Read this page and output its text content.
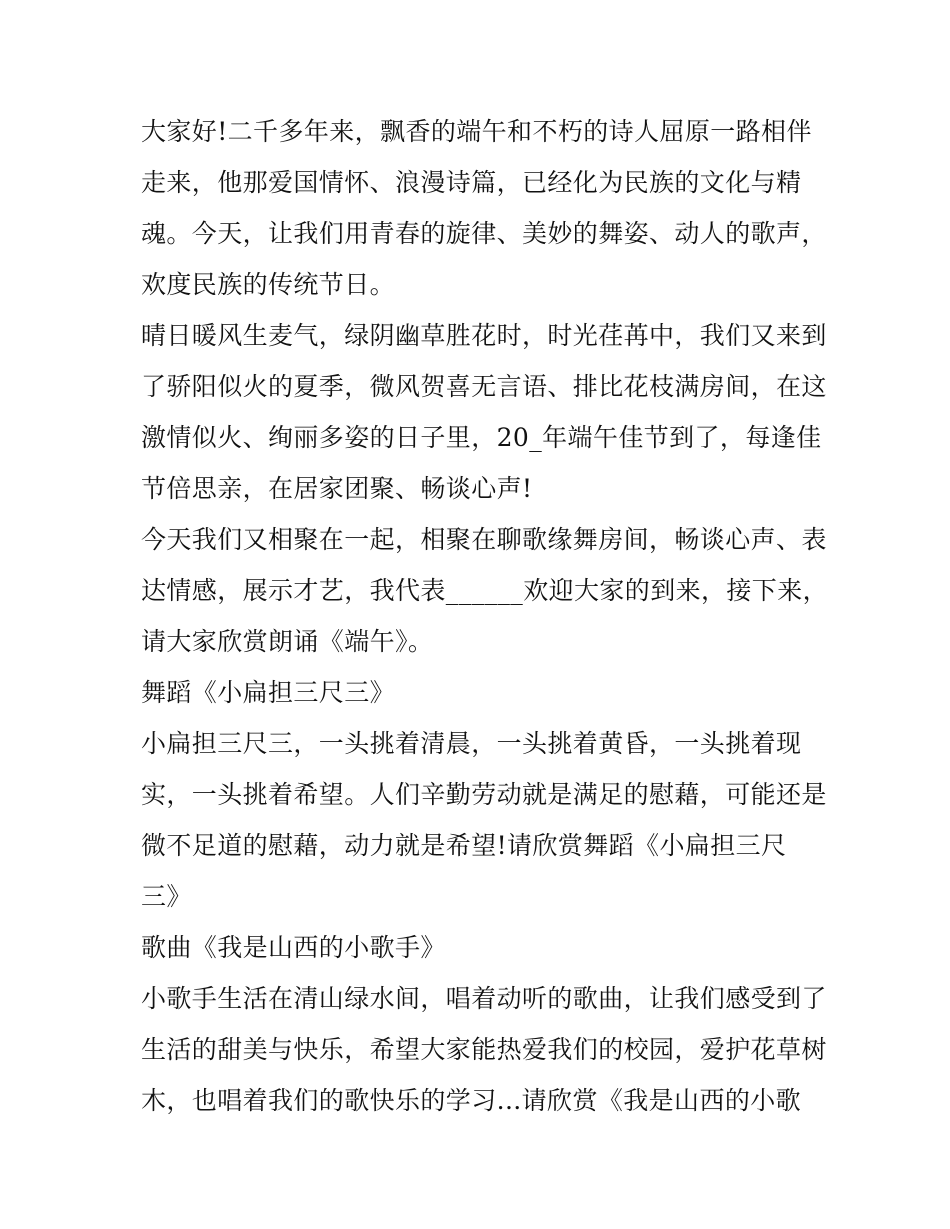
大家好!二千多年来，飘香的端午和不朽的诗人屈原一路相伴
走来，他那爱国情怀、浪漫诗篇，已经化为民族的文化与精
魂。今天，让我们用青春的旋律、美妙的舞姿、动人的歌声，
欢度民族的传统节日。
晴日暖风生麦气，绿阴幽草胜花时，时光荏苒中，我们又来到
了骄阳似火的夏季，微风贺喜无言语、排比花枝满房间，在这
激情似火、绚丽多姿的日子里，20_年端午佳节到了，每逢佳
节倍思亲，在居家团聚、畅谈心声!
今天我们又相聚在一起，相聚在聊歌缘舞房间，畅谈心声、表
达情感，展示才艺，我代表______欢迎大家的到来，接下来，
请大家欣赏朗诵《端午》。
舞蹈《小扁担三尺三》
小扁担三尺三，一头挑着清晨，一头挑着黄昏，一头挑着现
实，一头挑着希望。人们辛勤劳动就是满足的慰藉，可能还是
微不足道的慰藉，动力就是希望!请欣赏舞蹈《小扁担三尺
三》
歌曲《我是山西的小歌手》
小歌手生活在清山绿水间，唱着动听的歌曲，让我们感受到了
生活的甜美与快乐，希望大家能热爱我们的校园，爱护花草树
木，也唱着我们的歌快乐的学习...请欣赏《我是山西的小歌
